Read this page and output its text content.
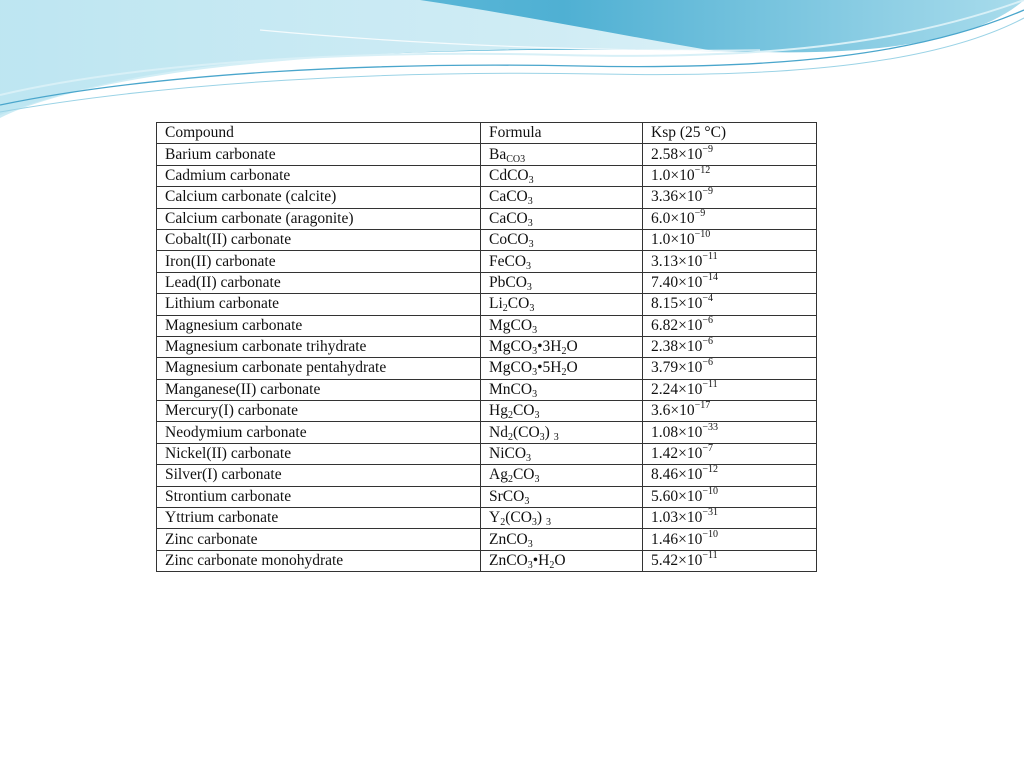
Compound	Formula	Ksp (25 °C)
Barium carbonate	$Ba_{CO3}$	$2.58\times 10^{-9}$
Cadmium carbonate	CdCO$_3$	$1.0\times 10^{-12}$
Calcium carbonate (calcite)	CaCO$_3$	$3.36\times 10^{-9}$
Calcium carbonate (aragonite)	CaCO$_3$	$6.0\times 10^{-9}$
Cobalt(II) carbonate	CoCO$_3$	$1.0\times 10^{-10}$
Iron(II) carbonate	FeCO$_3$	$3.13\times 10^{-11}$
Lead(II) carbonate	PbCO$_3$	$7.40\times 10^{-14}$
Lithium carbonate	$Li_2CO_3$	$8.15\times 10^{-4}$
Magnesium carbonate	MgCO$_3$	$6.82\times 10^{-6}$
Magnesium carbonate trihydrate	$MgCO_3•3H_2O$	$2.38\times 10^{-6}$
Magnesium carbonate pentahydrate	$MgCO_3•5H_2O$	$3.79\times 10^{-6}$
Manganese(II) carbonate	MnCO$_3$	$2.24\times 10^{-11}$
Mercury(I) carbonate	$Hg_2CO_3$	$3.6\times 10^{-17}$
Neodymium carbonate	$Nd_2(CO_3)$ $_3$	$1.08\times 10^{-33}$
Nickel(II) carbonate	NiCO$_3$	$1.42\times 10^{-7}$
Silver(I) carbonate	$Ag_2CO_3$	$8.46\times 10^{-12}$
Strontium carbonate	SrCO$_3$	$5.60\times 10^{-10}$
Yttrium carbonate	$Y_2(CO_3)$ $_3$	$1.03\times 10^{-31}$
Zinc carbonate	ZnCO$_3$	$1.46\times 10^{-10}$
Zinc carbonate monohydrate	$ZnCO_3•H_2O$	$5.42\times 10^{-11}$
